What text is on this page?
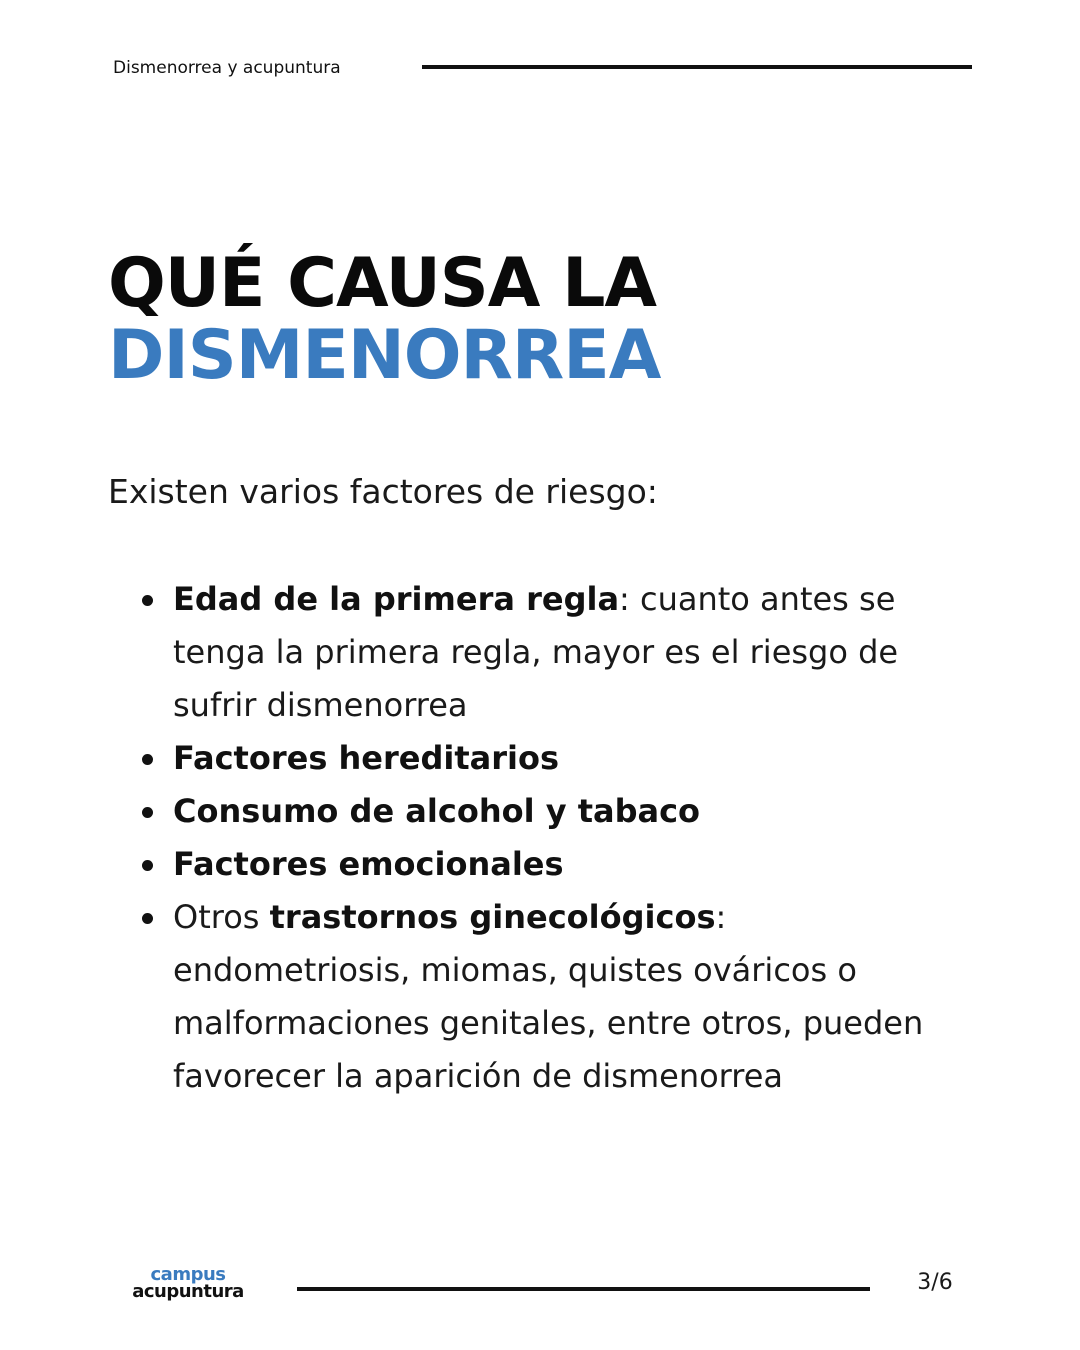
Dismenorrea y acupuntura
QUÉ CAUSA LA
DISMENORREA
Existen varios factores de riesgo:
Edad de la primera regla: cuanto antes se tenga la primera regla, mayor es el riesgo de sufrir dismenorrea
Factores hereditarios
Consumo de alcohol y tabaco
Factores emocionales
Otros trastornos ginecológicos: endometriosis, miomas, quistes ováricos o malformaciones genitales, entre otros, pueden favorecer la aparición de dismenorrea
campus
acupuntura	3/6
